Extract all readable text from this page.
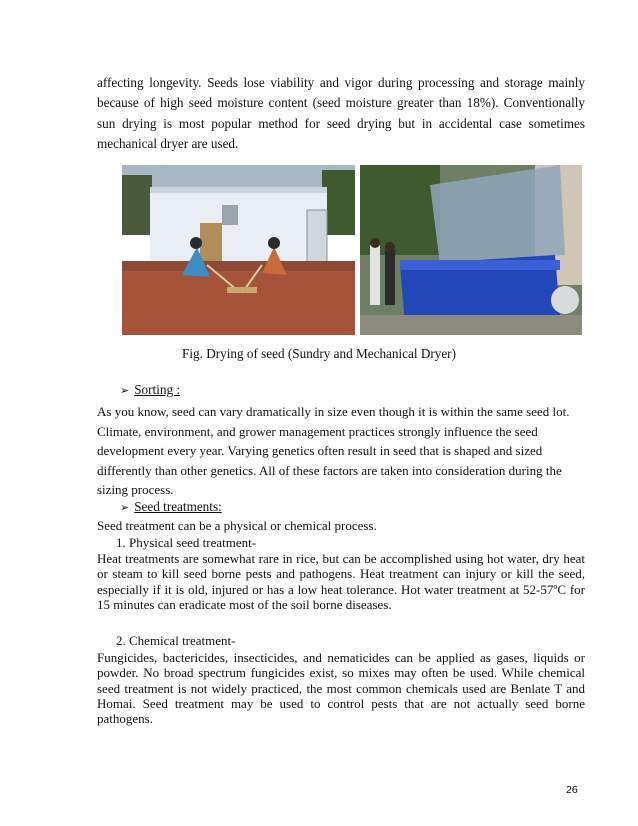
affecting longevity. Seeds lose viability and vigor during processing and storage mainly because of high seed moisture content (seed moisture greater than 18%). Conventionally sun drying is most popular method for seed drying but in accidental case sometimes mechanical dryer are used.

Fig. Drying of seed (Sundry and Mechanical Dryer)
➢ Sorting :

As you know, seed can vary dramatically in size even though it is within the same seed lot. Climate, environment, and grower management practices strongly influence the seed development every year. Varying genetics often result in seed that is shaped and sized differently than other genetics. All of these factors are taken into consideration during the sizing process.

➢ Seed treatments:
Seed treatment can be a physical or chemical process.
1. Physical seed treatment-

Heat treatments are somewhat rare in rice, but can be accomplished using hot water, dry heat or steam to kill seed borne pests and pathogens. Heat treatment can injury or kill the seed, especially if it is old, injured or has a low heat tolerance. Hot water treatment at 52-57ºC for 15 minutes can eradicate most of the soil borne diseases.

2. Chemical treatment-

Fungicides, bactericides, insecticides, and nematicides can be applied as gases, liquids or powder. No broad spectrum fungicides exist, so mixes may often be used. While chemical seed treatment is not widely practiced, the most common chemicals used are Benlate T and Homai. Seed treatment may be used to control pests that are not actually seed borne pathogens.

26
